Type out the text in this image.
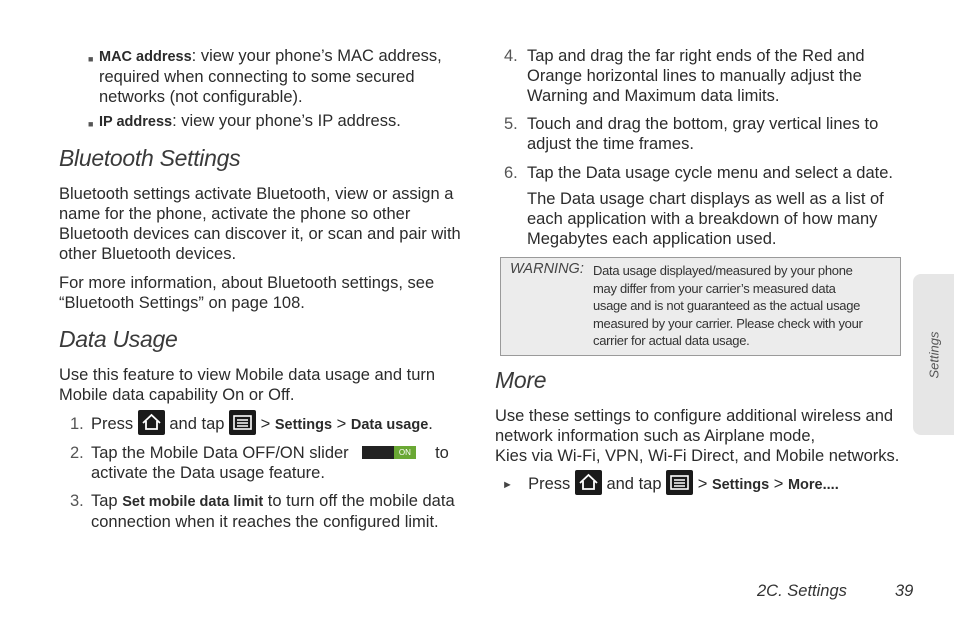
■ MAC address: view your phone’s MAC address,
required when connecting to some secured
networks (not configurable).
■ IP address: view your phone’s IP address.
Bluetooth Settings
Bluetooth settings activate Bluetooth, view or assign a
name for the phone, activate the phone so other
Bluetooth devices can discover it, or scan and pair with
other Bluetooth devices.
For more information, about Bluetooth settings, see
“Bluetooth Settings” on page 108.
Data Usage
Use this feature to view Mobile data usage and turn
Mobile data capability On or Off.
1. Press and tap > Settings > Data usage.
2. Tap the Mobile Data OFF/ON slider	ON	to
activate the Data usage feature.
3. Tap Set mobile data limit to turn off the mobile data
connection when it reaches the configured limit.
4. Tap and drag the far right ends of the Red and
Orange horizontal lines to manually adjust the
Warning and Maximum data limits.
5. Touch and drag the bottom, gray vertical lines to
adjust the time frames.
6. Tap the Data usage cycle menu and select a date.
The Data usage chart displays as well as a list of
each application with a breakdown of how many
Megabytes each application used.
WARNING: Data usage displayed/measured by your phone
may differ from your carrier’s measured data
usage and is not guaranteed as the actual usage
measured by your carrier. Please check with your
carrier for actual data usage.
More
Use these settings to configure additional wireless and
network information such as Airplane mode,
Kies via Wi-Fi, VPN, Wi-Fi Direct, and Mobile networks.
► Press and tap > Settings > More....
Settings
2C. Settings	39
